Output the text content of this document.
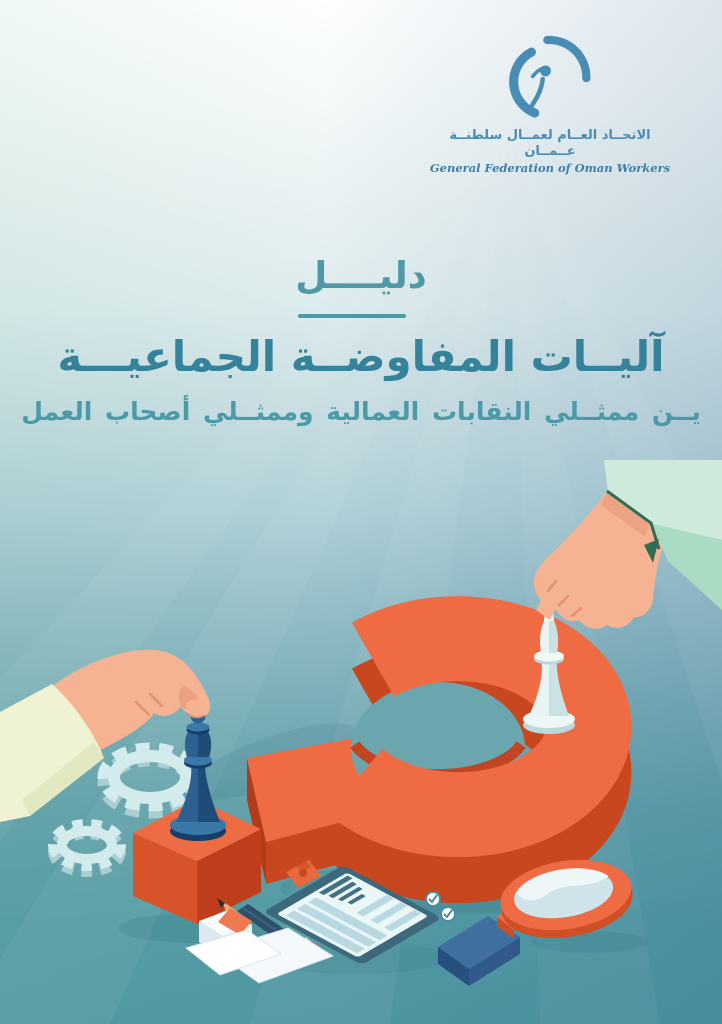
الاتحــاد العــام لعمــال سلطنــة عــمــان
General Federation of Oman Workers
دليــــل
آليــات المفاوضــة الجماعيـــة

يــن ممثــلي النقابات العمالية وممثــلي أصحاب العمل
